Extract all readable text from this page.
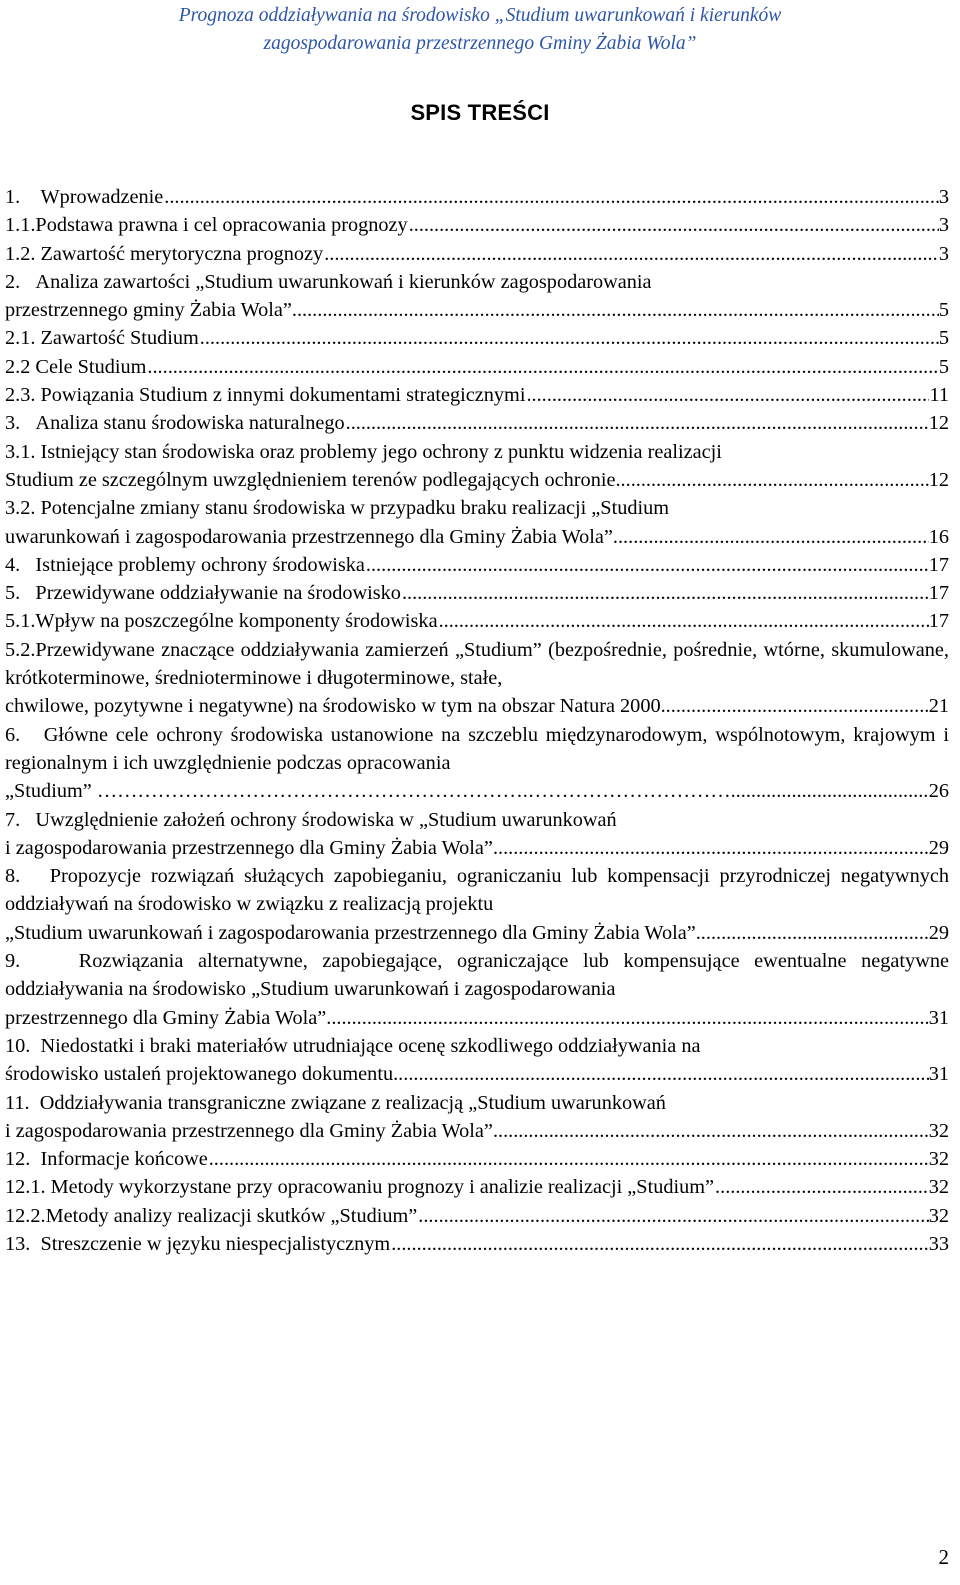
Prognoza oddziaływania na środowisko „Studium uwarunkowań i kierunków
zagospodarowania przestrzennego Gminy Żabia Wola”
SPIS TREŚCI
1.    Wprowadzenie .....	3
1.1.Podstawa prawna i cel opracowania prognozy .....	3
1.2. Zawartość merytoryczna prognozy .....	3
2.   Analiza zawartości „Studium uwarunkowań i kierunków zagospodarowania
przestrzennego gminy Żabia Wola” .....	5
2.1. Zawartość Studium .....	5
2.2 Cele Studium .....	5
2.3. Powiązania Studium z innymi dokumentami strategicznymi .....	11
3.   Analiza stanu środowiska naturalnego .....	12
3.1. Istniejący stan środowiska oraz problemy jego ochrony z punktu widzenia realizacji
Studium ze szczególnym uwzględnieniem terenów podlegających ochronie .....	12
3.2. Potencjalne zmiany stanu środowiska w przypadku braku realizacji „Studium
uwarunkowań i zagospodarowania przestrzennego dla Gminy Żabia Wola” .....	16
4.   Istniejące problemy ochrony środowiska .....	17
5.   Przewidywane oddziaływanie na środowisko .....	17
5.1.Wpływ na poszczególne komponenty środowiska .....	17
5.2.Przewidywane znaczące oddziaływania zamierzeń „Studium” (bezpośrednie, pośrednie, wtórne, skumulowane, krótkoterminowe, średnioterminowe i długoterminowe, stałe,
chwilowe, pozytywne i negatywne) na środowisko w tym na obszar Natura 2000 .....	21
6.   Główne cele ochrony środowiska ustanowione na szczeblu międzynarodowym, wspólnotowym, krajowym i regionalnym i ich uwzględnienie podczas opracowania
„Studium” ……………………………………………………….…………………………... .....	26
7.   Uwzględnienie założeń ochrony środowiska w „Studium uwarunkowań
i zagospodarowania przestrzennego dla Gminy Żabia Wola” .....	29
8.   Propozycje rozwiązań służących zapobieganiu, ograniczaniu lub kompensacji przyrodniczej negatywnych oddziaływań na środowisko w związku z realizacją projektu
„Studium uwarunkowań i zagospodarowania przestrzennego dla Gminy Żabia Wola” .....	29
9.    Rozwiązania alternatywne, zapobiegające, ograniczające lub kompensujące ewentualne negatywne oddziaływania na środowisko „Studium uwarunkowań i zagospodarowania
przestrzennego dla Gminy Żabia Wola” .....	31
10.  Niedostatki i braki materiałów utrudniające ocenę szkodliwego oddziaływania na
środowisko ustaleń projektowanego dokumentu .....	31
11.  Oddziaływania transgraniczne związane z realizacją „Studium uwarunkowań
i zagospodarowania przestrzennego dla Gminy Żabia Wola” .....	32
12.  Informacje końcowe .....	32
12.1. Metody wykorzystane przy opracowaniu prognozy i analizie realizacji „Studium” .....	32
12.2.Metody analizy realizacji skutków „Studium” .....	32
13.  Streszczenie w języku niespecjalistycznym .....	33
2
